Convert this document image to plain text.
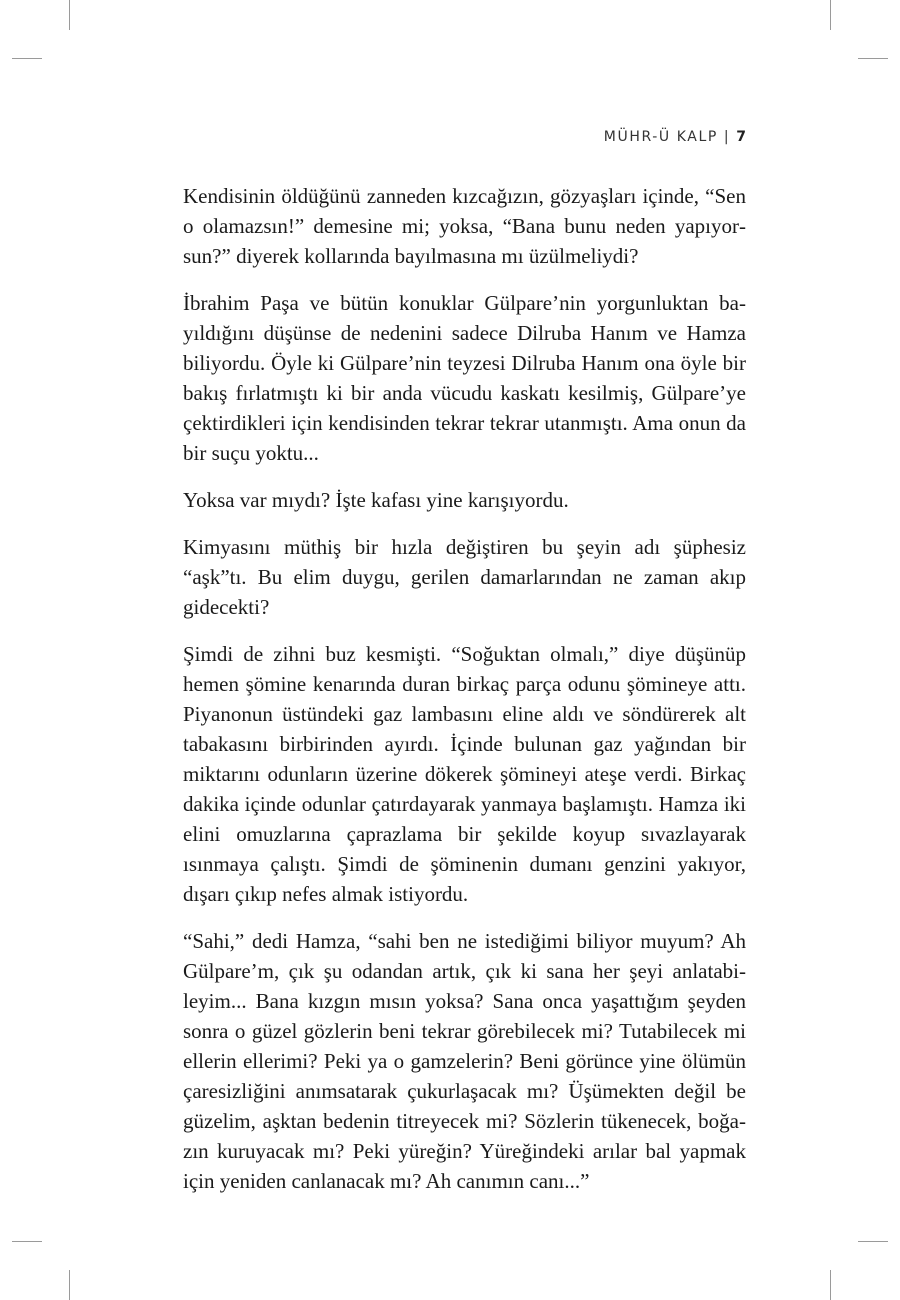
MÜHR-Ü KALP | 7

Kendisinin öldüğünü zanneden kızcağızın, gözyaşları içinde, “Sen o olamazsın!” demesine mi; yoksa, “Bana bunu neden yapıyorsun?” diyerek kollarında bayılmasına mı üzülmeliydi?

İbrahim Paşa ve bütün konuklar Gülpare’nin yorgunluktan bayıldığını düşünse de nedenini sadece Dilruba Hanım ve Hamza biliyordu. Öyle ki Gülpare’nin teyzesi Dilruba Hanım ona öyle bir bakış fırlatmıştı ki bir anda vücudu kaskatı kesilmiş, Gülpare’ye çektirdikleri için kendisinden tekrar tekrar utanmıştı. Ama onun da bir suçu yoktu...

Yoksa var mıydı? İşte kafası yine karışıyordu.

Kimyasını müthiş bir hızla değiştiren bu şeyin adı şüphesiz “aşk”tı. Bu elim duygu, gerilen damarlarından ne zaman akıp gidecekti?

Şimdi de zihni buz kesmişti. “Soğuktan olmalı,” diye düşünüp hemen şömine kenarında duran birkaç parça odunu şömineye attı. Piyanonun üstündeki gaz lambasını eline aldı ve söndürerek alt tabakasını birbirinden ayırdı. İçinde bulunan gaz yağından bir miktarını odunların üzerine dökerek şömineyi ateşe verdi. Birkaç dakika içinde odunlar çatırdayarak yanmaya başlamıştı. Hamza iki elini omuzlarına çaprazlama bir şekilde koyup sıvazlayarak ısınmaya çalıştı. Şimdi de şöminenin dumanı genzini yakıyor, dışarı çıkıp nefes almak istiyordu.

“Sahi,” dedi Hamza, “sahi ben ne istediğimi biliyor muyum? Ah Gülpare’m, çık şu odandan artık, çık ki sana her şeyi anlatabileyim... Bana kızgın mısın yoksa? Sana onca yaşattığım şeyden sonra o güzel gözlerin beni tekrar görebilecek mi? Tutabilecek mi ellerin ellerimi? Peki ya o gamzelerin? Beni görünce yine ölümün çaresizliğini anımsatarak çukurlaşacak mı? Üşümekten değil be güzelim, aşktan bedenin titreyecek mi? Sözlerin tükenecek, boğazın kuruyacak mı? Peki yüreğin? Yüreğindeki arılar bal yapmak için yeniden canlanacak mı? Ah canımın canı...”
